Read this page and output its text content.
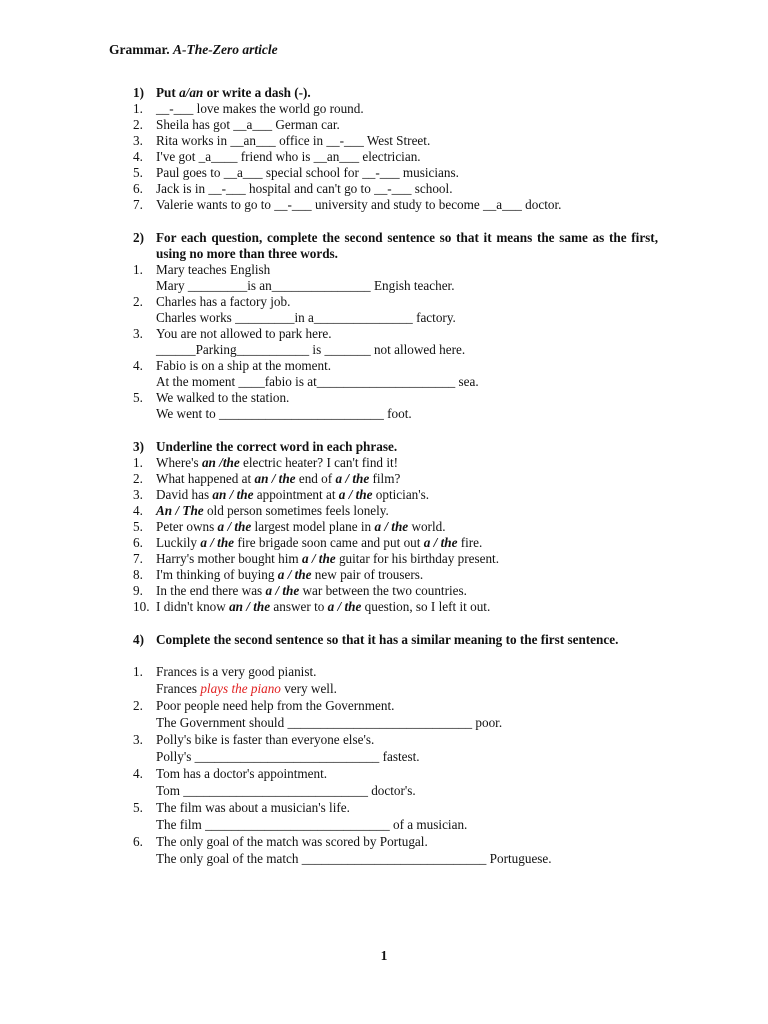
Grammar. A-The-Zero article
1) Put a/an or write a dash (-).
1. __-___ love makes the world go round.
2. Sheila has got __a___ German car.
3. Rita works in __an___ office in __-___ West Street.
4. I've got _a____ friend who is __an___ electrician.
5. Paul goes to __a___ special school for __-___ musicians.
6. Jack is in __-___ hospital and can't go to __-___ school.
7. Valerie wants to go to __-___ university and study to become __a___ doctor.
2) For each question, complete the second sentence so that it means the same as the first, using no more than three words.
1. Mary teaches English
Mary _________is an_______________ Engish teacher.
2. Charles has a factory job.
Charles works _________in a_______________ factory.
3. You are not allowed to park here.
______Parking___________ is _______ not allowed here.
4. Fabio is on a ship at the moment.
At the moment ____fabio is at_____________________ sea.
5. We walked to the station.
We went to _________________________ foot.
3) Underline the correct word in each phrase.
1. Where's an /the electric heater? I can't find it!
2. What happened at an / the end of a / the film?
3. David has an / the appointment at a / the optician's.
4. An / The old person sometimes feels lonely.
5. Peter owns a / the largest model plane in a / the world.
6. Luckily a / the fire brigade soon came and put out a / the fire.
7. Harry's mother bought him a / the guitar for his birthday present.
8. I'm thinking of buying a / the new pair of trousers.
9. In the end there was a / the war between the two countries.
10. I didn't know an / the answer to a / the question, so I left it out.
4) Complete the second sentence so that it has a similar meaning to the first sentence.
1. Frances is a very good pianist.
Frances plays the piano very well.
2. Poor people need help from the Government.
The Government should ____________________________ poor.
3. Polly's bike is faster than everyone else's.
Polly's ____________________________ fastest.
4. Tom has a doctor's appointment.
Tom ____________________________ doctor's.
5. The film was about a musician's life.
The film ____________________________ of a musician.
6. The only goal of the match was scored by Portugal.
The only goal of the match ____________________________ Portuguese.
1
